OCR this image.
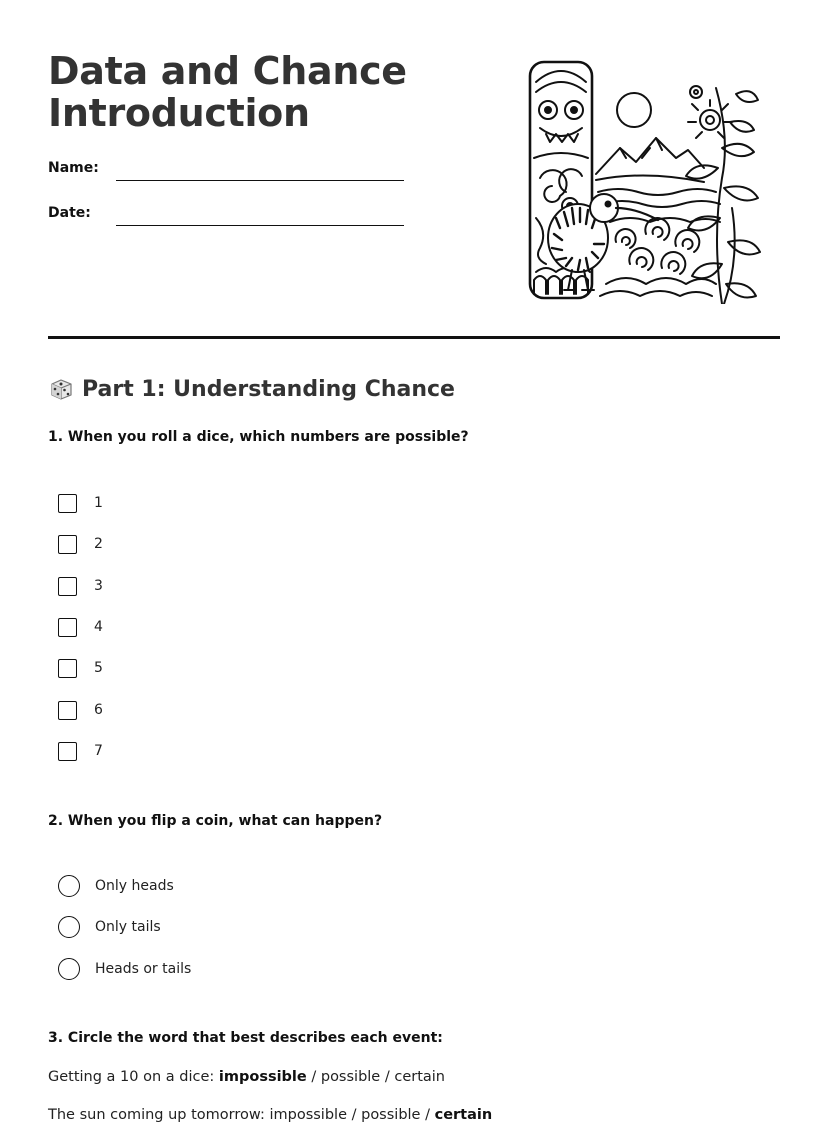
Data and Chance
Introduction
Name:
Date:
Part 1: Understanding Chance
1. When you roll a dice, which numbers are possible?
1
2
3
4
5
6
7
2. When you flip a coin, what can happen?
Only heads
Only tails
Heads or tails
3. Circle the word that best describes each event:
Getting a 10 on a dice: impossible / possible / certain
The sun coming up tomorrow: impossible / possible / certain
